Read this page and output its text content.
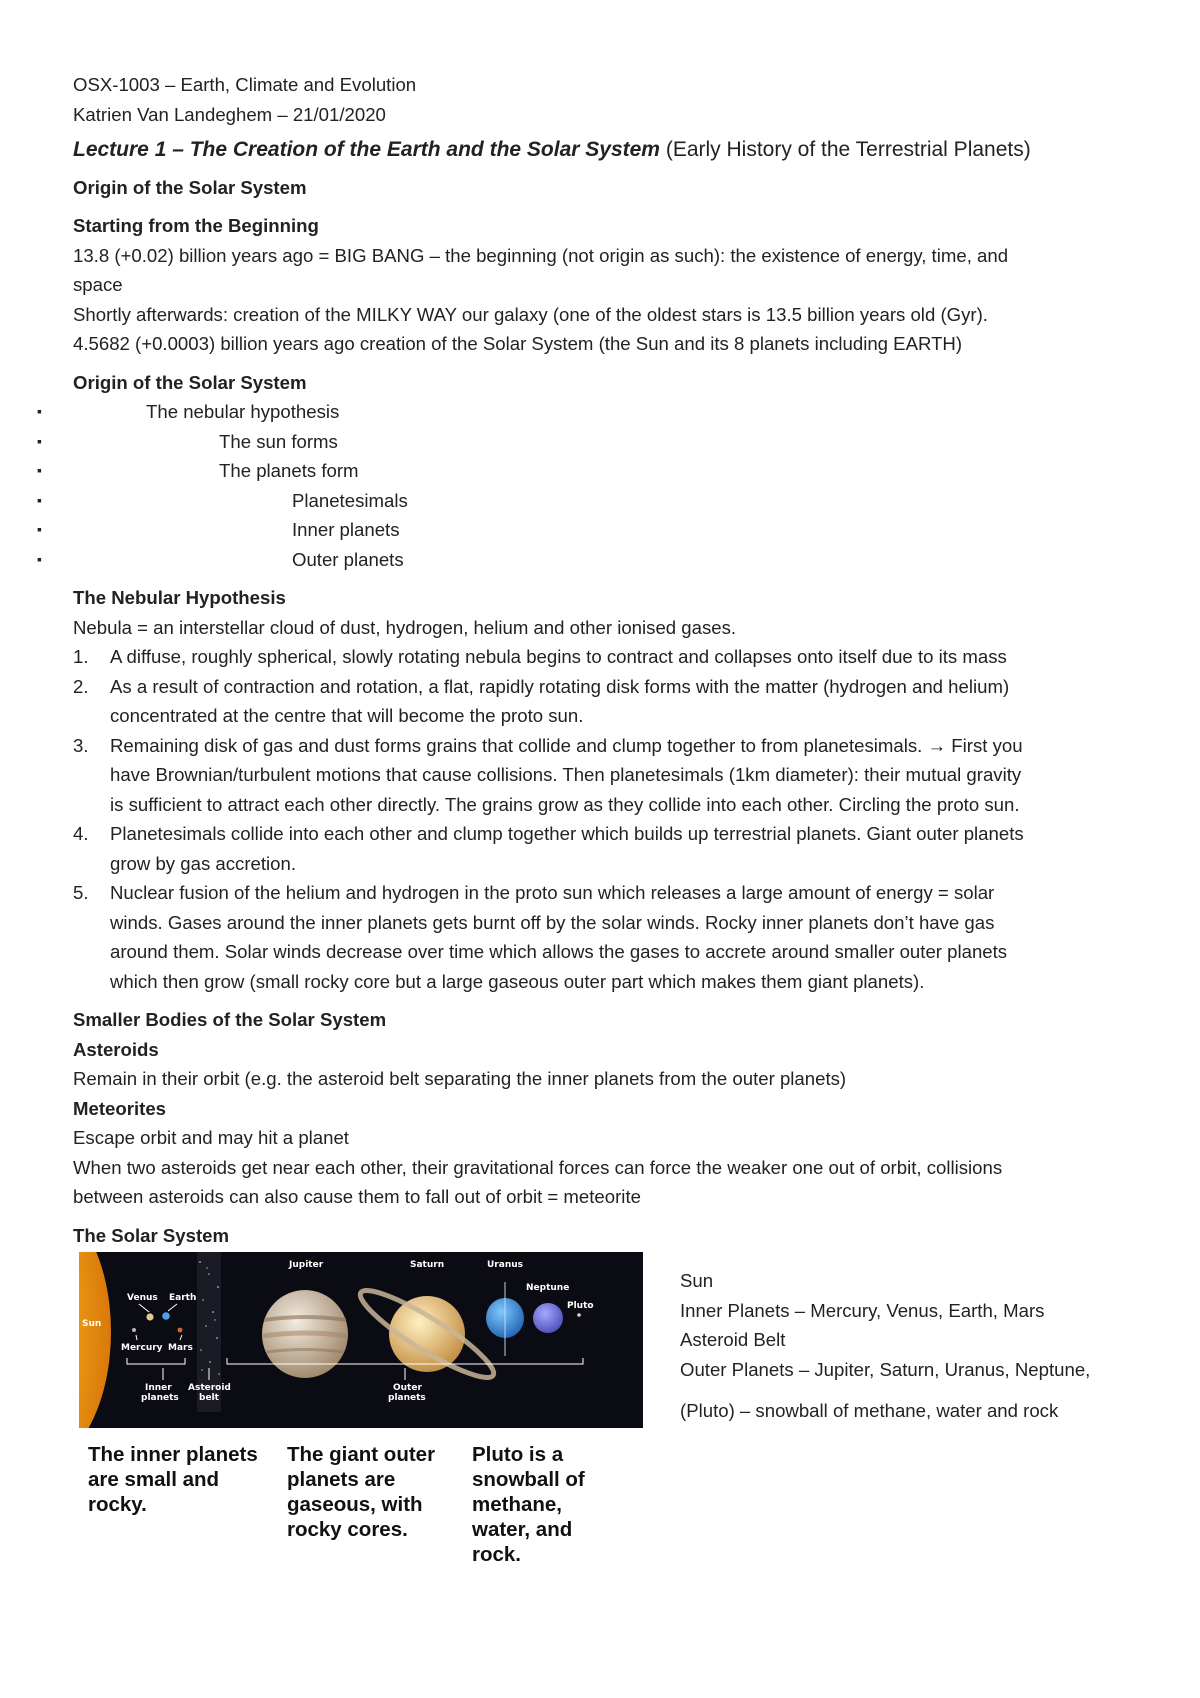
OSX-1003 – Earth, Climate and Evolution
Katrien Van Landeghem – 21/01/2020
Lecture 1 – The Creation of the Earth and the Solar System (Early History of the Terrestrial Planets)
Origin of the Solar System
Starting from the Beginning
13.8 (+0.02) billion years ago = BIG BANG – the beginning (not origin as such): the existence of energy, time, and
space
Shortly afterwards: creation of the MILKY WAY our galaxy (one of the oldest stars is 13.5 billion years old (Gyr).
4.5682 (+0.0003) billion years ago creation of the Solar System (the Sun and its 8 planets including EARTH)
Origin of the Solar System
▪ The nebular hypothesis
▪ The sun forms
▪ The planets form
▪ Planetesimals
▪ Inner planets
▪ Outer planets
The Nebular Hypothesis
Nebula = an interstellar cloud of dust, hydrogen, helium and other ionised gases.
1. A diffuse, roughly spherical, slowly rotating nebula begins to contract and collapses onto itself due to its mass
2. As a result of contraction and rotation, a flat, rapidly rotating disk forms with the matter (hydrogen and helium)
concentrated at the centre that will become the proto sun.
3. Remaining disk of gas and dust forms grains that collide and clump together to from planetesimals. → First you
have Brownian/turbulent motions that cause collisions. Then planetesimals (1km diameter): their mutual gravity
is sufficient to attract each other directly. The grains grow as they collide into each other. Circling the proto sun.
4. Planetesimals collide into each other and clump together which builds up terrestrial planets. Giant outer planets
grow by gas accretion.
5. Nuclear fusion of the helium and hydrogen in the proto sun which releases a large amount of energy = solar
winds. Gases around the inner planets gets burnt off by the solar winds. Rocky inner planets don’t have gas
around them. Solar winds decrease over time which allows the gases to accrete around smaller outer planets
which then grow (small rocky core but a large gaseous outer part which makes them giant planets).
Smaller Bodies of the Solar System
Asteroids
Remain in their orbit (e.g. the asteroid belt separating the inner planets from the outer planets)
Meteorites
Escape orbit and may hit a planet
When two asteroids get near each other, their gravitational forces can force the weaker one out of orbit, collisions
between asteroids can also cause them to fall out of orbit = meteorite
The Solar System
Sun
Venus Earth
Mercury Mars
Jupiter	Saturn	Uranus
Neptune
Pluto
Inner
planets
Asteroid
belt
Outer
planets
The inner planets
are small and
rocky.
The giant outer
planets are
gaseous, with
rocky cores.
Pluto is a
snowball of
methane,
water, and
rock.
Sun
Inner Planets – Mercury, Venus, Earth, Mars
Asteroid Belt
Outer Planets – Jupiter, Saturn, Uranus, Neptune,
(Pluto) – snowball of methane, water and rock
